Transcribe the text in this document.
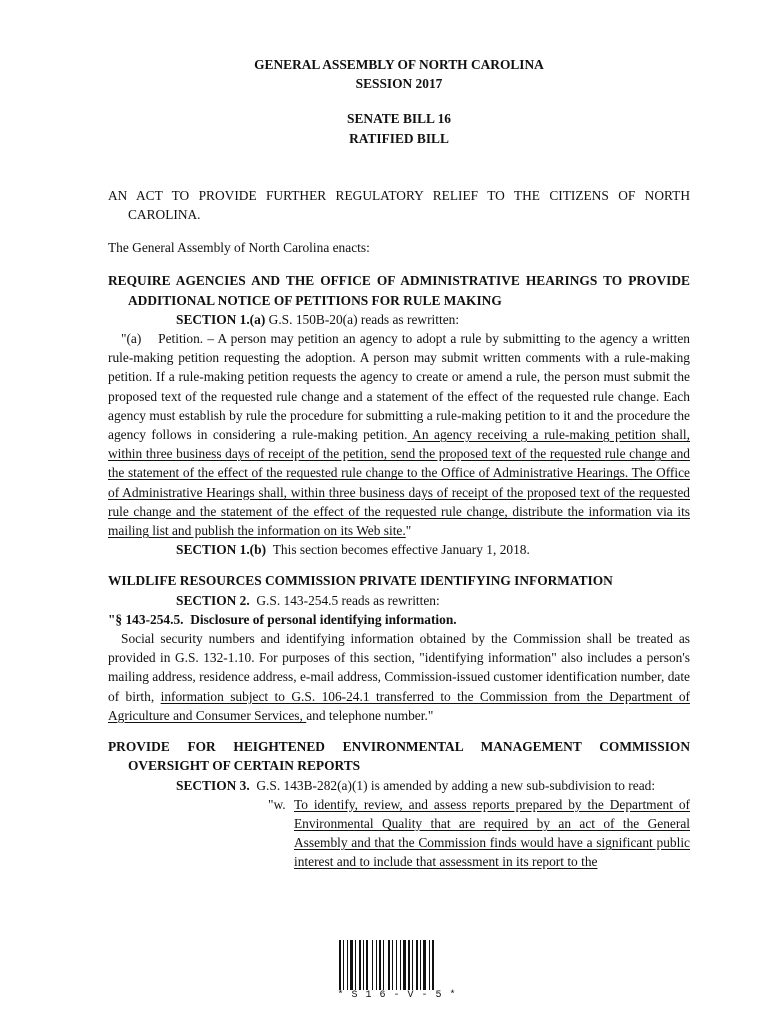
GENERAL ASSEMBLY OF NORTH CAROLINA

SESSION 2017

SENATE BILL 16

RATIFIED BILL

AN ACT TO PROVIDE FURTHER REGULATORY RELIEF TO THE CITIZENS OF NORTH CAROLINA.

The General Assembly of North Carolina enacts:

REQUIRE AGENCIES AND THE OFFICE OF ADMINISTRATIVE HEARINGS TO PROVIDE ADDITIONAL NOTICE OF PETITIONS FOR RULE MAKING

SECTION 1.(a) G.S. 150B-20(a) reads as rewritten:

"(a)    Petition. – A person may petition an agency to adopt a rule by submitting to the agency a written rule-making petition requesting the adoption. A person may submit written comments with a rule-making petition. If a rule-making petition requests the agency to create or amend a rule, the person must submit the proposed text of the requested rule change and a statement of the effect of the requested rule change. Each agency must establish by rule the procedure for submitting a rule-making petition to it and the procedure the agency follows in considering a rule-making petition. An agency receiving a rule-making petition shall, within three business days of receipt of the petition, send the proposed text of the requested rule change and the statement of the effect of the requested rule change to the Office of Administrative Hearings. The Office of Administrative Hearings shall, within three business days of receipt of the proposed text of the requested rule change and the statement of the effect of the requested rule change, distribute the information via its mailing list and publish the information on its Web site."

SECTION 1.(b) This section becomes effective January 1, 2018.

WILDLIFE RESOURCES COMMISSION PRIVATE IDENTIFYING INFORMATION

SECTION 2. G.S. 143-254.5 reads as rewritten:

"§ 143-254.5.  Disclosure of personal identifying information.

Social security numbers and identifying information obtained by the Commission shall be treated as provided in G.S. 132-1.10. For purposes of this section, "identifying information" also includes a person's mailing address, residence address, e-mail address, Commission-issued customer identification number, date of birth, information subject to G.S. 106-24.1 transferred to the Commission from the Department of Agriculture and Consumer Services, and telephone number."

PROVIDE FOR HEIGHTENED ENVIRONMENTAL MANAGEMENT COMMISSION OVERSIGHT OF CERTAIN REPORTS

SECTION 3. G.S. 143B-282(a)(1) is amended by adding a new sub-subdivision to read:

"w. To identify, review, and assess reports prepared by the Department of Environmental Quality that are required by an act of the General Assembly and that the Commission finds would have a significant public interest and to include that assessment in its report to the
* S 1 6 - V - 5 *
